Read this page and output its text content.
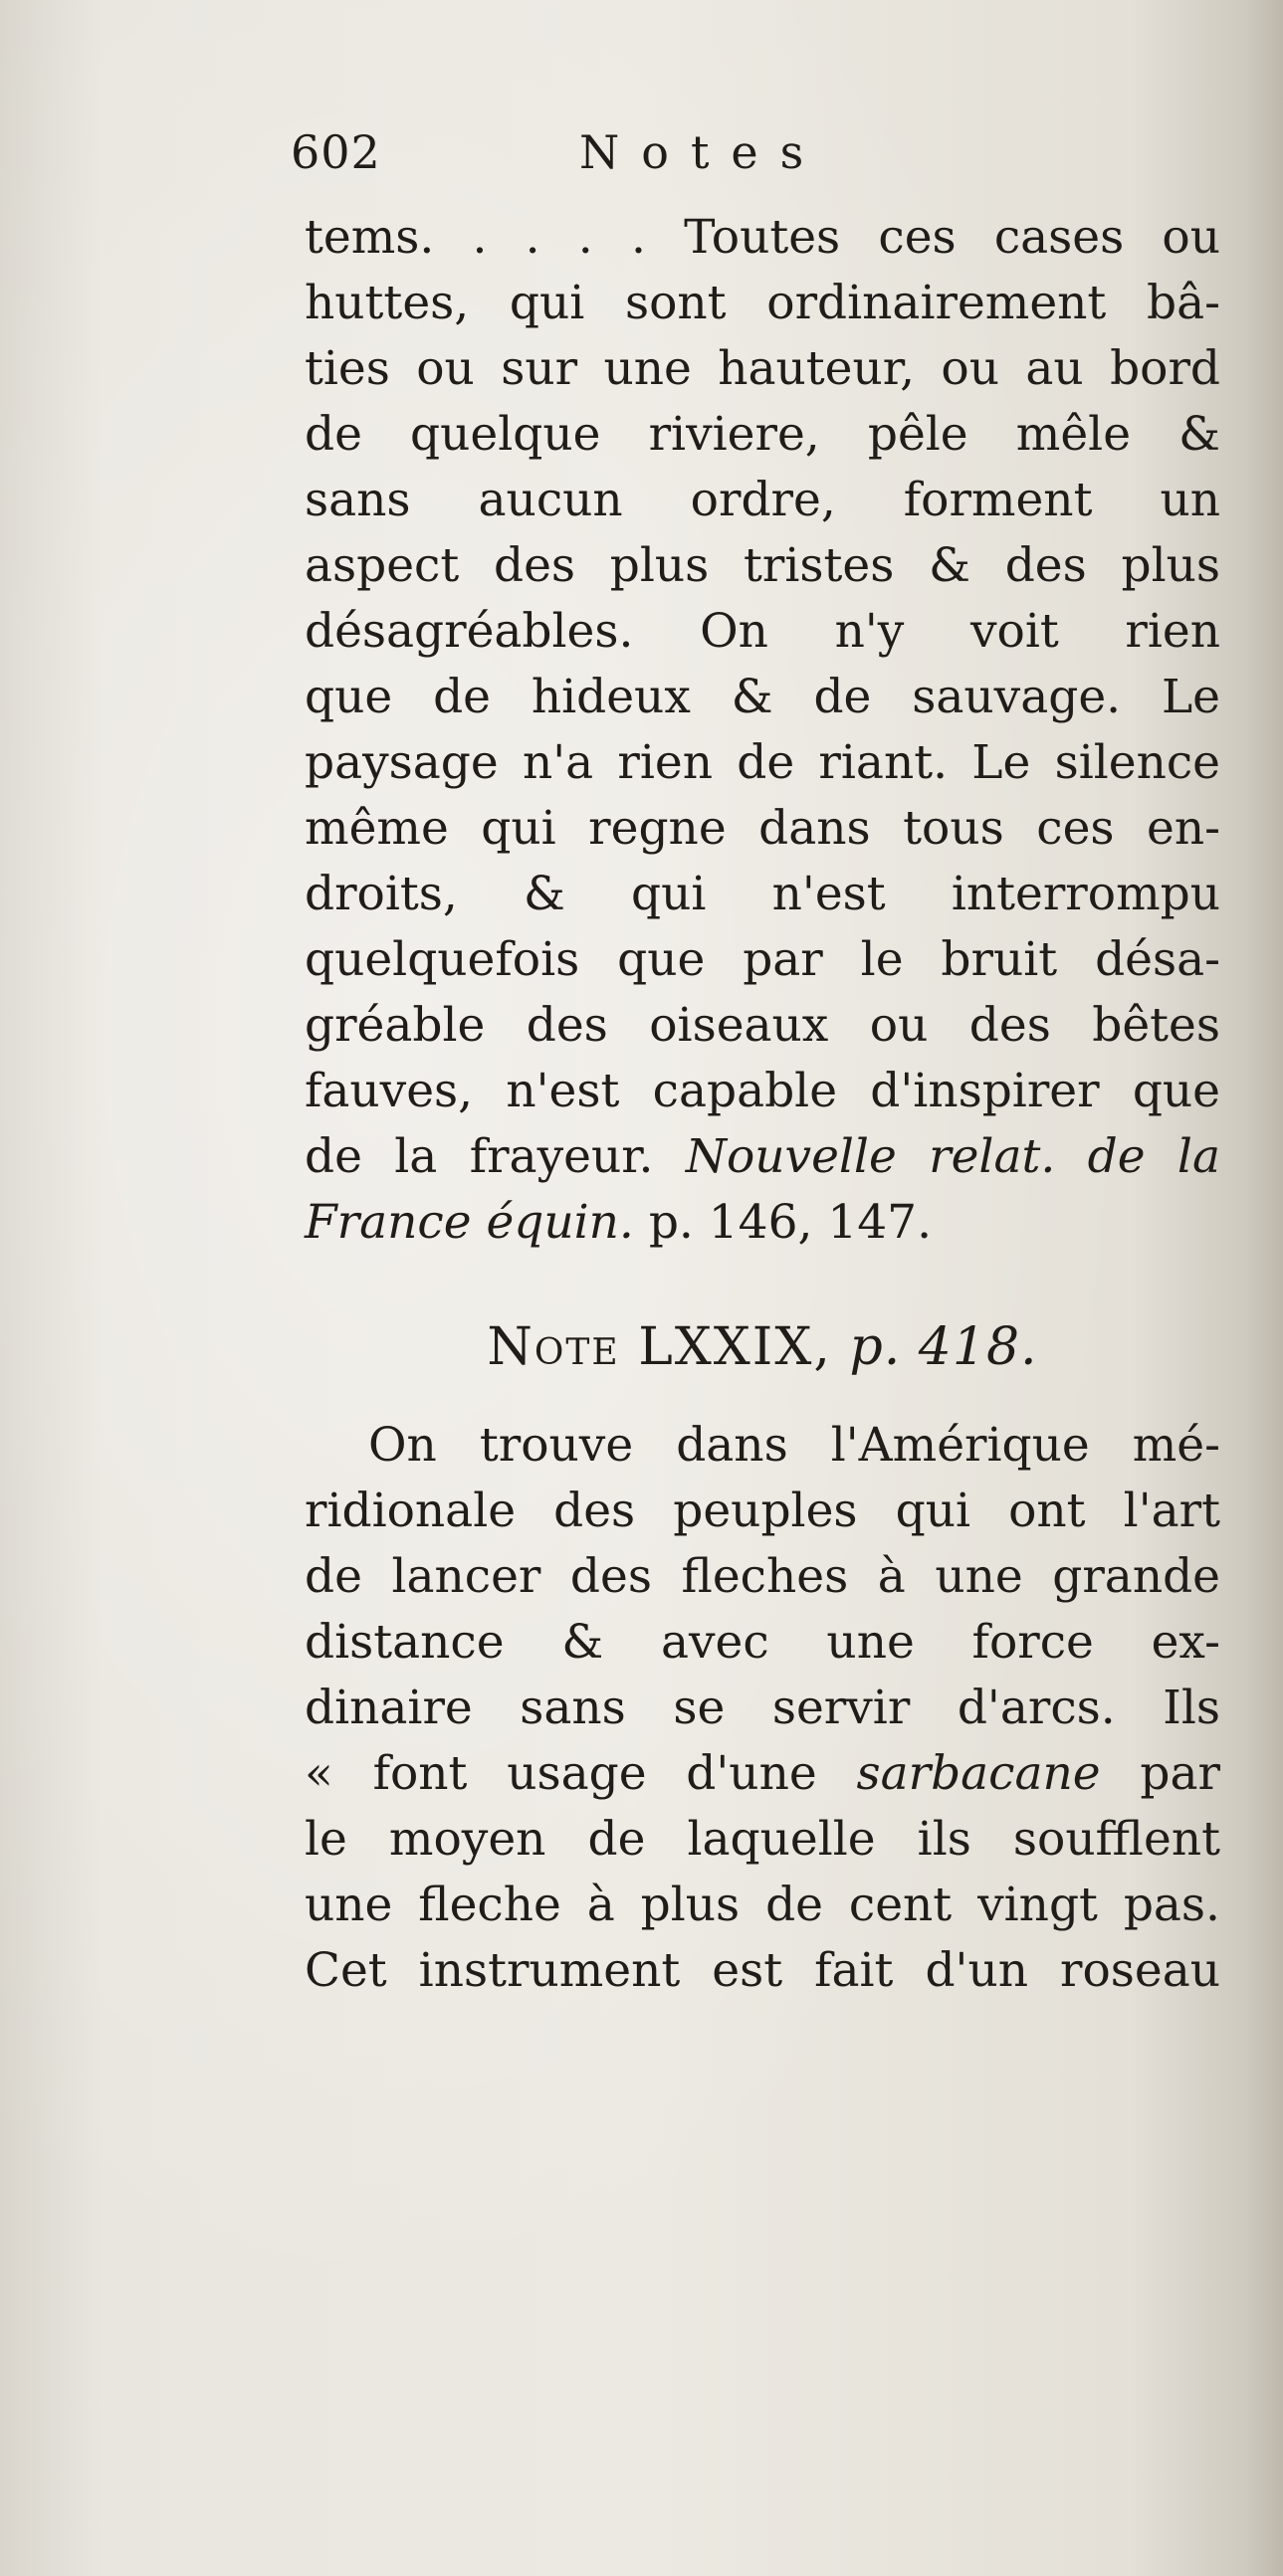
602	Notes
tems. . . . . Toutes ces cases ou
huttes, qui sont ordinairement bâ-
ties ou sur une hauteur, ou au bord
de quelque riviere, pêle mêle &
sans aucun ordre, forment un
aspect des plus tristes & des plus
désagréables. On n'y voit rien
que de hideux & de sauvage. Le
paysage n'a rien de riant. Le silence
même qui regne dans tous ces en-
droits, & qui n'est interrompu
quelquefois que par le bruit désa-
gréable des oiseaux ou des bêtes
fauves, n'est capable d'inspirer que
de la frayeur. Nouvelle relat. de la
France équin. p. 146, 147.
Note LXXIX, p. 418.
On trouve dans l'Amérique mé-
ridionale des peuples qui ont l'art
de lancer des fleches à une grande
distance & avec une force ex-
dinaire sans se servir d'arcs. Ils
« font usage d'une sarbacane par
le moyen de laquelle ils soufflent
une fleche à plus de cent vingt pas.
Cet instrument est fait d'un roseau
